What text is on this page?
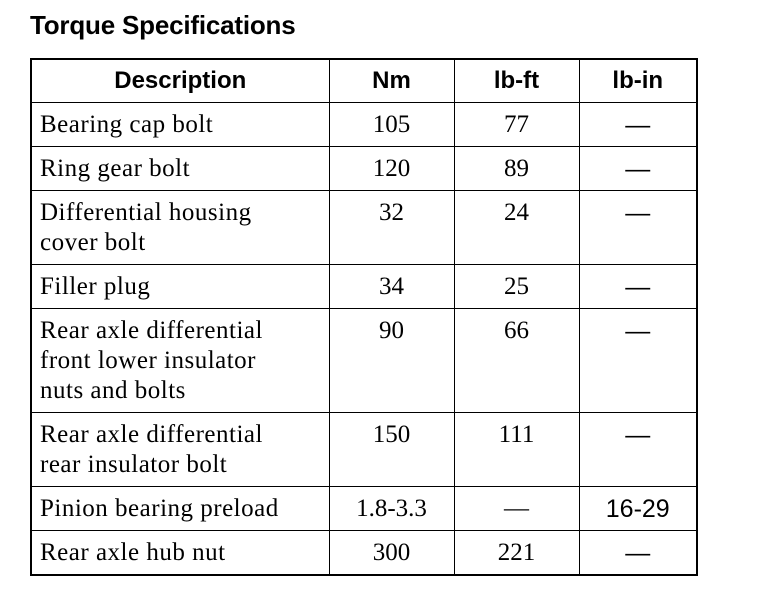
Torque Specifications
Description	Nm	lb-ft	lb-in
Bearing cap bolt	105	77	—
Ring gear bolt	120	89	—
Differential housing
cover bolt	32	24	—
Filler plug	34	25	—
Rear axle differential
front lower insulator
nuts and bolts	90	66	—
Rear axle differential
rear insulator bolt	150	111	—
Pinion bearing preload	1.8-3.3	—	16-29
Rear axle hub nut	300	221	—
